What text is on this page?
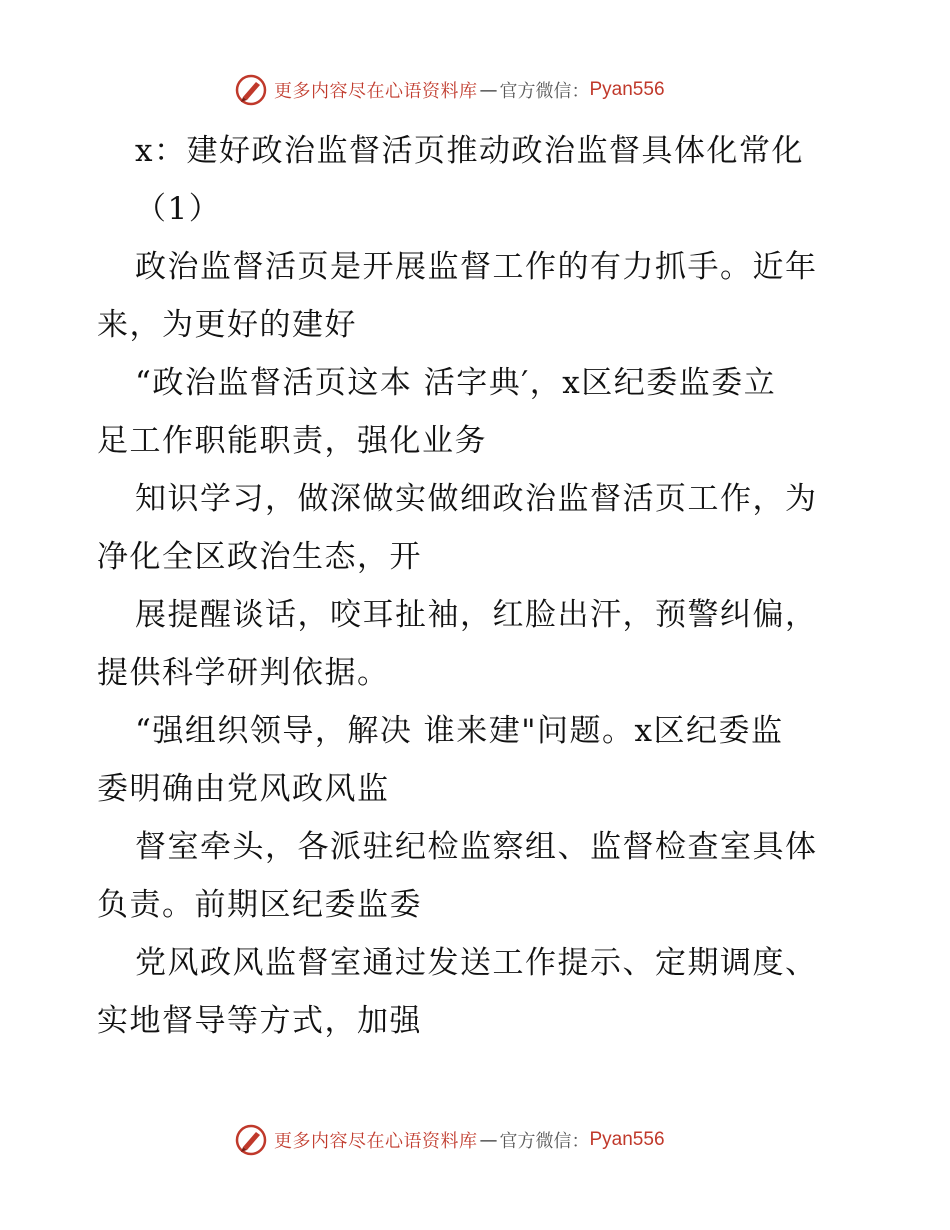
更多内容尽在心语资料库 — 官方微信： Pyan556
x：建好政治监督活页推动政治监督具体化常化
（1）
政治监督活页是开展监督工作的有力抓手。近年
来，为更好的建好
“政治监督活页这本 活字典′，x区纪委监委立
足工作职能职责，强化业务
知识学习，做深做实做细政治监督活页工作，为
净化全区政治生态，开
展提醒谈话，咬耳扯袖，红脸出汗，预警纠偏，
提供科学研判依据。
“强组织领导，解决 谁来建"问题。x区纪委监
委明确由党风政风监
督室牵头，各派驻纪检监察组、监督检查室具体
负责。前期区纪委监委
党风政风监督室通过发送工作提示、定期调度、
实地督导等方式，加强
更多内容尽在心语资料库 — 官方微信： Pyan556
